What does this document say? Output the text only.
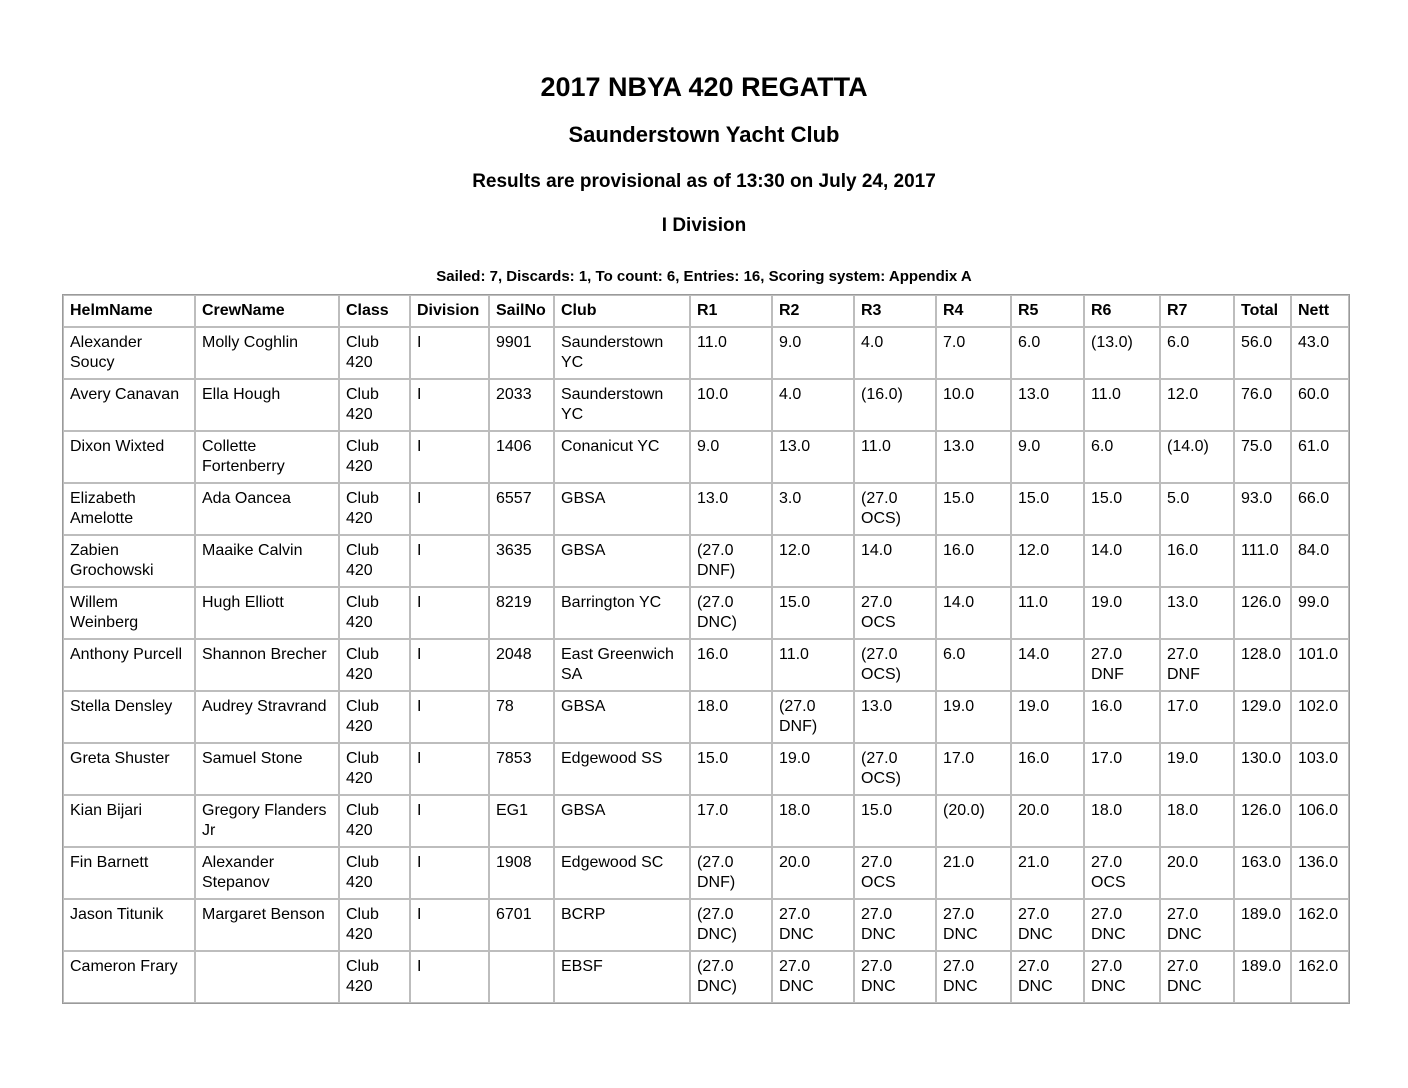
2017 NBYA 420 REGATTA
Saunderstown Yacht Club
Results are provisional as of 13:30 on July 24, 2017
I Division
Sailed: 7, Discards: 1, To count: 6, Entries: 16, Scoring system: Appendix A
HelmName	CrewName	Class	Division	SailNo	Club	R1	R2	R3	R4	R5	R6	R7	Total	Nett
Alexander Soucy	Molly Coghlin	Club 420	I	9901	Saunderstown YC	11.0	9.0	4.0	7.0	6.0	(13.0)	6.0	56.0	43.0
Avery Canavan	Ella Hough	Club 420	I	2033	Saunderstown YC	10.0	4.0	(16.0)	10.0	13.0	11.0	12.0	76.0	60.0
Dixon Wixted	Collette Fortenberry	Club 420	I	1406	Conanicut YC	9.0	13.0	11.0	13.0	9.0	6.0	(14.0)	75.0	61.0
Elizabeth Amelotte	Ada Oancea	Club 420	I	6557	GBSA	13.0	3.0	(27.0 OCS)	15.0	15.0	15.0	5.0	93.0	66.0
Zabien Grochowski	Maaike Calvin	Club 420	I	3635	GBSA	(27.0 DNF)	12.0	14.0	16.0	12.0	14.0	16.0	111.0	84.0
Willem Weinberg	Hugh Elliott	Club 420	I	8219	Barrington YC	(27.0 DNC)	15.0	27.0 OCS	14.0	11.0	19.0	13.0	126.0	99.0
Anthony Purcell	Shannon Brecher	Club 420	I	2048	East Greenwich SA	16.0	11.0	(27.0 OCS)	6.0	14.0	27.0 DNF	27.0 DNF	128.0	101.0
Stella Densley	Audrey Stravrand	Club 420	I	78	GBSA	18.0	(27.0 DNF)	13.0	19.0	19.0	16.0	17.0	129.0	102.0
Greta Shuster	Samuel Stone	Club 420	I	7853	Edgewood SS	15.0	19.0	(27.0 OCS)	17.0	16.0	17.0	19.0	130.0	103.0
Kian Bijari	Gregory Flanders Jr	Club 420	I	EG1	GBSA	17.0	18.0	15.0	(20.0)	20.0	18.0	18.0	126.0	106.0
Fin Barnett	Alexander Stepanov	Club 420	I	1908	Edgewood SC	(27.0 DNF)	20.0	27.0 OCS	21.0	21.0	27.0 OCS	20.0	163.0	136.0
Jason Titunik	Margaret Benson	Club 420	I	6701	BCRP	(27.0 DNC)	27.0 DNC	27.0 DNC	27.0 DNC	27.0 DNC	27.0 DNC	27.0 DNC	189.0	162.0
Cameron Frary		Club 420	I		EBSF	(27.0 DNC)	27.0 DNC	27.0 DNC	27.0 DNC	27.0 DNC	27.0 DNC	27.0 DNC	189.0	162.0
